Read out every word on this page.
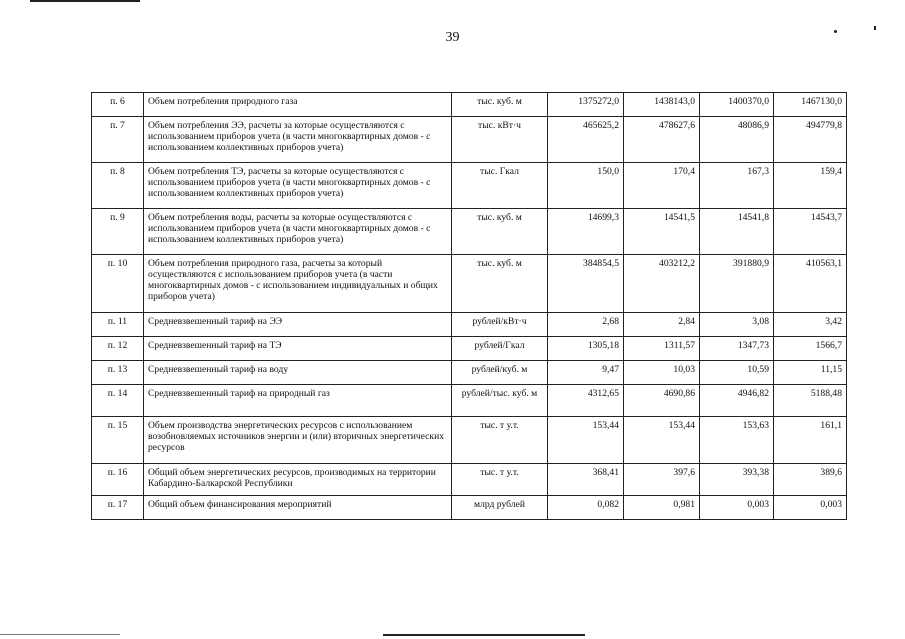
39
п. 6	Объем потребления природного газа	тыс. куб. м	1375272,0	1438143,0	1400370,0	1467130,0
п. 7	Объем потребления ЭЭ, расчеты за которые осуществляются с использованием приборов учета (в части многоквартирных домов - с использованием коллективных приборов учета)	тыс. кВт·ч	465625,2	478627,6	48086,9	494779,8
п. 8	Объем потребления ТЭ, расчеты за которые осуществляются с использованием приборов учета (в части многоквартирных домов - с использованием коллективных приборов учета)	тыс. Гкал	150,0	170,4	167,3	159,4
п. 9	Объем потребления воды, расчеты за которые осуществляются с использованием приборов учета (в части многоквартирных домов - с использованием коллективных приборов учета)	тыс. куб. м	14699,3	14541,5	14541,8	14543,7
п. 10	Объем потребления природного газа, расчеты за который осуществляются с использованием приборов учета (в части многоквартирных домов - с использованием индивидуальных и общих приборов учета)	тыс. куб. м	384854,5	403212,2	391880,9	410563,1
п. 11	Средневзвешенный тариф на ЭЭ	рублей/кВт·ч	2,68	2,84	3,08	3,42
п. 12	Средневзвешенный тариф на ТЭ	рублей/Гкал	1305,18	1311,57	1347,73	1566,7
п. 13	Средневзвешенный тариф на воду	рублей/куб. м	9,47	10,03	10,59	11,15
п. 14	Средневзвешенный тариф на природный газ	рублей/тыс. куб. м	4312,65	4690,86	4946,82	5188,48
п. 15	Объем производства энергетических ресурсов с использованием возобновляемых источников энергии и (или) вторичных энергетических ресурсов	тыс. т у.т.	153,44	153,44	153,63	161,1
п. 16	Общий объем энергетических ресурсов, производимых на территории Кабардино-Балкарской Республики	тыс. т у.т.	368,41	397,6	393,38	389,6
п. 17	Общий объем финансирования мероприятий	млрд рублей	0,082	0,981	0,003	0,003
